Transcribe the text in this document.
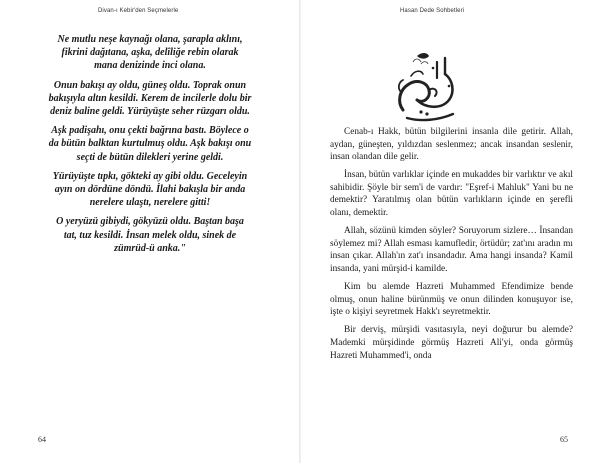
Divan-ı Kebir'den Seçmelerle
Ne mutlu neşe kaynağı olana, şarapla aklını,
fikrini dağıtana, aşka, delîliğe rebin olarak
mana denizinde inci olana.
Onun bakışı ay oldu, güneş oldu. Toprak onun
bakışıyla altın kesildi. Kerem de incilerle dolu bir
deniz baline geldi. Yürüyüşte seher rüzgarı oldu.
Aşk padişahı, onu çekti bağrına bastı. Böylece o
da bütün balktan kurtulmuş oldu. Aşk bakışı onu
seçti de bütün dilekleri yerine geldi.
Yürüyüşte tıpkı, gökteki ay gibi oldu. Geceleyin
ayın on dördüne döndü. İlahi bakışla bir anda
nerelere ulaştı, nerelere gitti!
O yeryüzü gibiydi, gökyüzü oldu. Baştan başa
tat, tuz kesildi. İnsan melek oldu, sinek de
zümrüd-ü anka."
64
Hasan Dede Sohbetleri

Cenab-ı Hakk, bütün bilgilerini insanla dile getirir. Allah, aydan, güneşten, yıldızdan seslenmez; ancak insandan seslenir, insan olandan dile gelir.

İnsan, bütün varlıklar içinde en mukaddes bir varlıktır ve akıl sahibidir. Şöyle bir sem'i de vardır: "Eşref-i Mahluk" Yani bu ne demektir? Yaratılmış olan bütün varlıkların içinde en şerefli olanı, demektir.

Allah, sözünü kimden söyler? Soruyorum sizlere… İnsandan söylemez mi? Allah esması kamufledir, örtüdür; zat'ını aradın mı insan çıkar. Allah'ın zat'ı insandadır. Ama hangi insanda? Kamil insanda, yani mürşid-i kamilde.

Kim bu alemde Hazreti Muhammed Efendimize bende olmuş, onun haline bürünmüş ve onun dilinden konuşuyor ise, işte o kişiyi seyretmek Hakk'ı seyretmektir.

Bir derviş, mürşidi vasıtasıyla, neyi doğurur bu alemde? Mademki mürşidinde görmüş Hazreti Ali'yi, onda görmüş Hazreti Muhammed'i, onda

65
